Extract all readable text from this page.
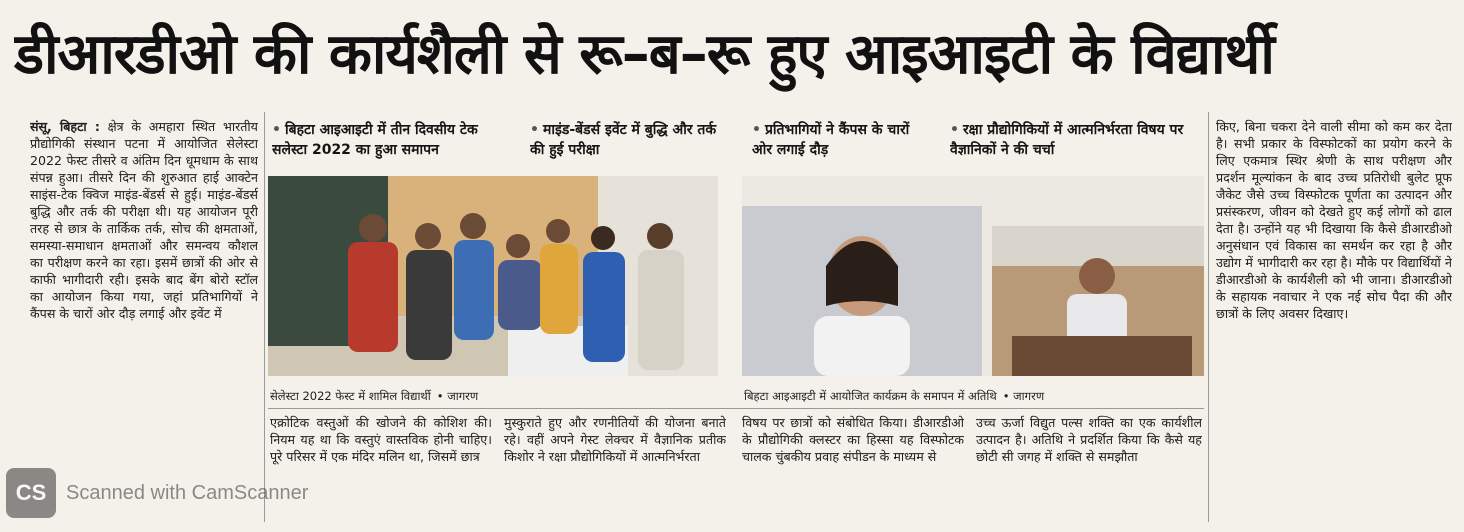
डीआरडीओ की कार्यशैली से रू–ब–रू हुए आइआइटी के विद्यार्थी
संसू, बिहटा : क्षेत्र के अमहारा स्थित भारतीय प्रौद्योगिकी संस्थान पटना में आयोजित सेलेस्टा 2022 फेस्ट तीसरे व अंतिम दिन धूमधाम के साथ संपन्न हुआ। तीसरे दिन की शुरुआत हाई आक्टेन साइंस-टेक क्विज माइंड-बेंडर्स से हुई। माइंड-बेंडर्स बुद्धि और तर्क की परीक्षा थी। यह आयोजन पूरी तरह से छात्र के तार्किक तर्क, सोच की क्षमताओं, समस्या-समाधान क्षमताओं और समन्वय कौशल का परीक्षण करने का रहा। इसमें छात्रों की ओर से काफी भागीदारी रही। इसके बाद बेंग बोरो स्टॉल का आयोजन किया गया, जहां प्रतिभागियों ने कैंपस के चारों ओर दौड़ लगाई और इवेंट में
• बिहटा आइआइटी में तीन दिवसीय टेक सलेस्टा 2022 का हुआ समापन
• माइंड-बेंडर्स इवेंट में बुद्धि और तर्क की हुई परीक्षा
• प्रतिभागियों ने कैंपस के चारों ओर लगाई दौड़
• रक्षा प्रौद्योगिकियों में आत्मनिर्भरता विषय पर वैज्ञानिकों ने की चर्चा
सेलेस्टा 2022 फेस्ट में शामिल विद्यार्थी • जागरण	बिहटा आइआइटी में आयोजित कार्यक्रम के समापन में अतिथि • जागरण
एक्रोटिक वस्तुओं की खोजने की कोशिश की। नियम यह था कि वस्तुएं वास्तविक होनी चाहिए। पूरे परिसर में एक मंदिर मलिन था, जिसमें छात्र
मुस्कुराते हुए और रणनीतियों की योजना बनाते रहे। वहीं अपने गेस्ट लेक्चर में वैज्ञानिक प्रतीक किशोर ने रक्षा प्रौद्योगिकियों में आत्मनिर्भरता
विषय पर छात्रों को संबोधित किया। डीआरडीओ के प्रौद्योगिकी क्लस्टर का हिस्सा यह विस्फोटक चालक चुंबकीय प्रवाह संपीडन के माध्यम से
उच्च ऊर्जा विद्युत पल्स शक्ति का एक कार्यशील उत्पादन है। अतिथि ने प्रदर्शित किया कि कैसे यह छोटी सी जगह में शक्ति से समझौता
किए, बिना चकरा देने वाली सीमा को कम कर देता है। सभी प्रकार के विस्फोटकों का प्रयोग करने के लिए एकमात्र स्थिर श्रेणी के साथ परीक्षण और प्रदर्शन मूल्यांकन के बाद उच्च प्रतिरोधी बुलेट प्रूफ जैकेट जैसे उच्च विस्फोटक पूर्णता का उत्पादन और प्रसंस्करण, जीवन को देखते हुए कई लोगों को ढाल देता है। उन्होंने यह भी दिखाया कि कैसे डीआरडीओ अनुसंधान एवं विकास का समर्थन कर रहा है और उद्योग में भागीदारी कर रहा है। मौके पर विद्यार्थियों ने डीआरडीओ के कार्यशैली को भी जाना। डीआरडीओ के सहायक नवाचार ने एक नई सोच पैदा की और छात्रों के लिए अवसर दिखाए।
CS Scanned with CamScanner
